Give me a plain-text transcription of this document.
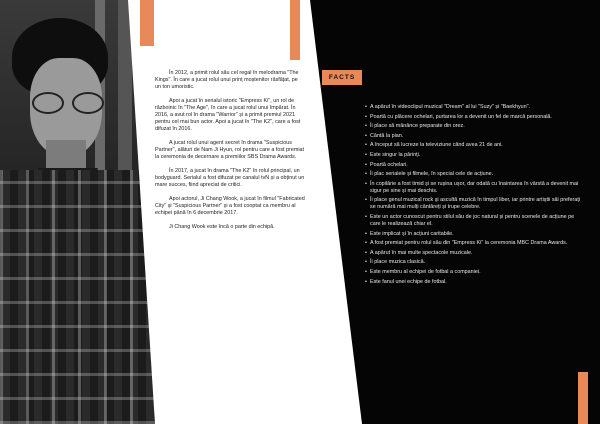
În 2012, a primit rolul său cel regal în melodrama "The Kings". În care a jucat rolul unui prinț moștenitor răsfățat, pe un ton umoristic.

Apoi a jucat în serialul istoric "Empress Ki", un rol de războinic în "The Age", în care a jucat rolul unui împărat. În 2016, a avut rol în drama "Warrior" și a primit premiul 2021 pentru cel mai bun actor. Apoi a jucat în "The K2", care a fost difuzat în 2016.

A jucat rolul unui agent secret în drama "Suspicious Partner", alături de Nam Ji Hyun, rol pentru care a fost premiat la ceremonia de decernare a premiilor SBS Drama Awards.

În 2017, a jucat în drama "The K2" în rolul principal, un bodyguard. Serialul a fost difuzat pe canalul tvN și a obținut un mare succes, fiind apreciat de critici.

Apoi actorul, Ji Chang Wook, a jucat în filmul "Fabricated City" și "Suspicious Partner" și a fost cooptat ca membru al echipei până în 6 decembrie 2017.

Ji Chang Wook este încă o parte din echipă.

FACTS
• A apărut în videoclipul muzical "Dream" al lui "Suzy" și "Baekhyun".
• Poartă cu plăcere ochelari, purtarea lor a devenit un fel de marcă personală.
• Îi place să mănânce preparate din orez.
• Cântă la pian.
• A început să lucreze la televiziune când avea 21 de ani.
• Este singur la părinți.
• Poartă ochelari.
• Îi plac serialele și filmele, în special cele de acțiune.
• În copilărie a fost timid și se rușina ușor, dar odată cu înaintarea în vârstă a devenit mai sigur pe sine și mai deschis.
• Îi place genul muzical rock și ascultă muzică în timpul liber, iar printre artiștii săi preferați se numără mai mulți cântăreți și trupe celebre.
• Este un actor cunoscut pentru stilul său de joc natural și pentru scenele de acțiune pe care le realizează chiar el.
• Este implicat și în acțiuni caritabile.
• A fost premiat pentru rolul său din "Empress Ki" la ceremonia MBC Drama Awards.
• A apărut în mai multe spectacole muzicale.
• Îi place muzica clasică.
• Este membru al echipei de fotbal a companiei.
• Este fanul unei echipe de fotbal.
